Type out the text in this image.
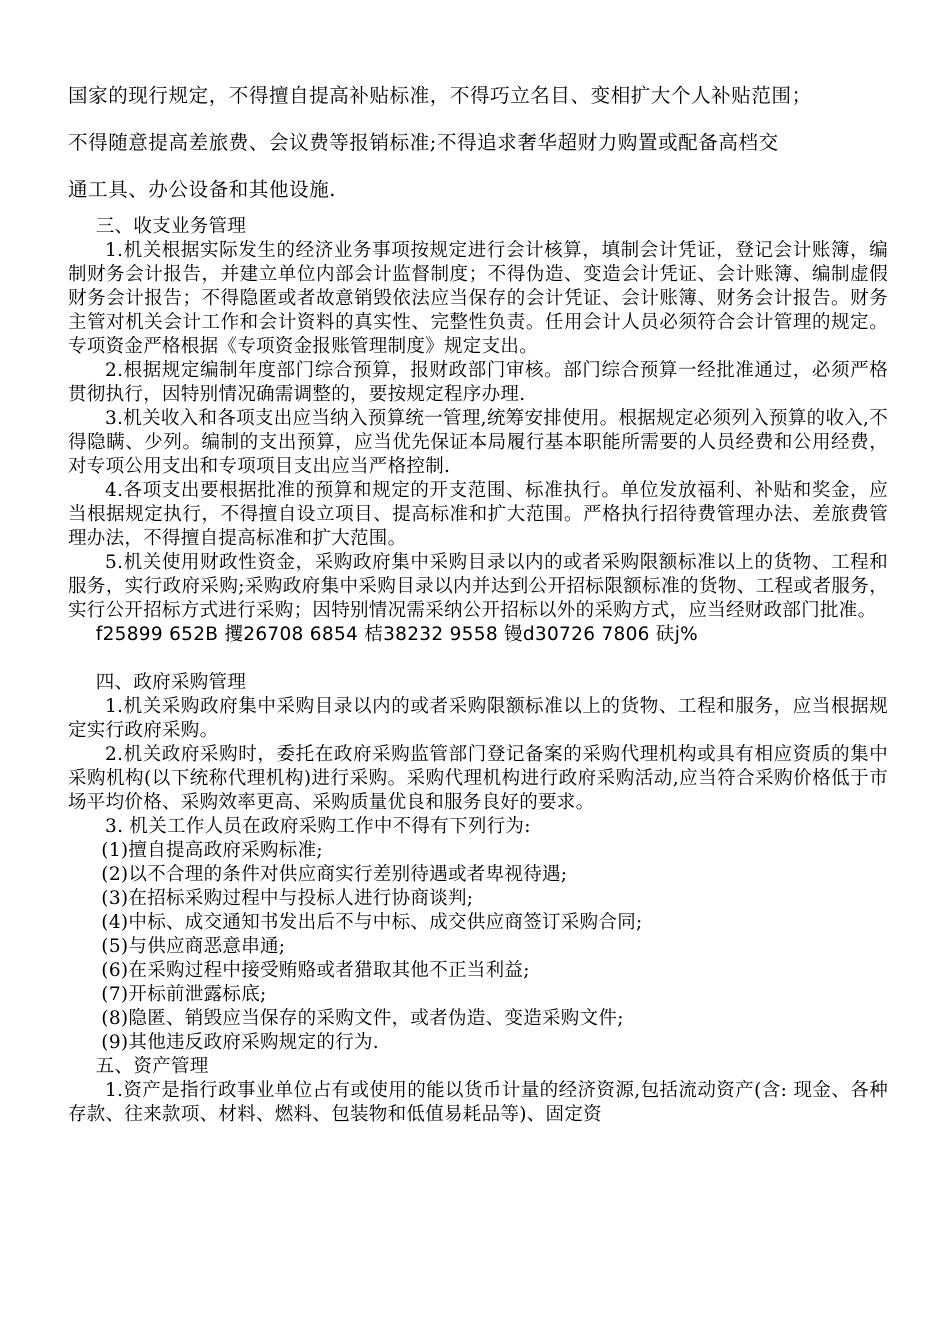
国家的现行规定，不得擅自提高补贴标准，不得巧立名目、变相扩大个人补贴范围；

不得随意提高差旅费、会议费等报销标准;不得追求奢华超财力购置或配备高档交

通工具、办公设备和其他设施.

三、收支业务管理

1.机关根据实际发生的经济业务事项按规定进行会计核算，填制会计凭证，登记会计账簿，编制财务会计报告，并建立单位内部会计监督制度；不得伪造、变造会计凭证、会计账簿、编制虚假财务会计报告；不得隐匿或者故意销毁依法应当保存的会计凭证、会计账簿、财务会计报告。财务主管对机关会计工作和会计资料的真实性、完整性负责。任用会计人员必须符合会计管理的规定。专项资金严格根据《专项资金报账管理制度》规定支出。

2.根据规定编制年度部门综合预算，报财政部门审核。部门综合预算一经批准通过，必须严格贯彻执行，因特别情况确需调整的，要按规定程序办理.

3.机关收入和各项支出应当纳入预算统一管理,统筹安排使用。根据规定必须列入预算的收入,不得隐瞒、少列。编制的支出预算，应当优先保证本局履行基本职能所需要的人员经费和公用经费，对专项公用支出和专项项目支出应当严格控制.

4.各项支出要根据批准的预算和规定的开支范围、标准执行。单位发放福利、补贴和奖金，应当根据规定执行，不得擅自设立项目、提高标准和扩大范围。严格执行招待费管理办法、差旅费管理办法，不得擅自提高标准和扩大范围。

5.机关使用财政性资金，采购政府集中采购目录以内的或者采购限额标准以上的货物、工程和服务，实行政府采购;采购政府集中采购目录以内并达到公开招标限额标准的货物、工程或者服务，实行公开招标方式进行采购；因特别情况需采纳公开招标以外的采购方式，应当经财政部门批准。

f25899 652B 攫26708 6854 桔38232 9558 镘d30726 7806 砆j%

四、政府采购管理

1.机关采购政府集中采购目录以内的或者采购限额标准以上的货物、工程和服务，应当根据规定实行政府采购。

2.机关政府采购时，委托在政府采购监管部门登记备案的采购代理机构或具有相应资质的集中采购机构(以下统称代理机构)进行采购。采购代理机构进行政府采购活动,应当符合采购价格低于市场平均价格、采购效率更高、采购质量优良和服务良好的要求。

3. 机关工作人员在政府采购工作中不得有下列行为:

(1)擅自提高政府采购标准;

(2)以不合理的条件对供应商实行差别待遇或者卑视待遇;

(3)在招标采购过程中与投标人进行协商谈判;

(4)中标、成交通知书发出后不与中标、成交供应商签订采购合同;

(5)与供应商恶意串通;

(6)在采购过程中接受贿赂或者猎取其他不正当利益;

(7)开标前泄露标底;

(8)隐匿、销毁应当保存的采购文件，或者伪造、变造采购文件;

(9)其他违反政府采购规定的行为.

五、资产管理

1.资产是指行政事业单位占有或使用的能以货币计量的经济资源,包括流动资产(含: 现金、各种存款、往来款项、材料、燃料、包装物和低值易耗品等)、固定资
